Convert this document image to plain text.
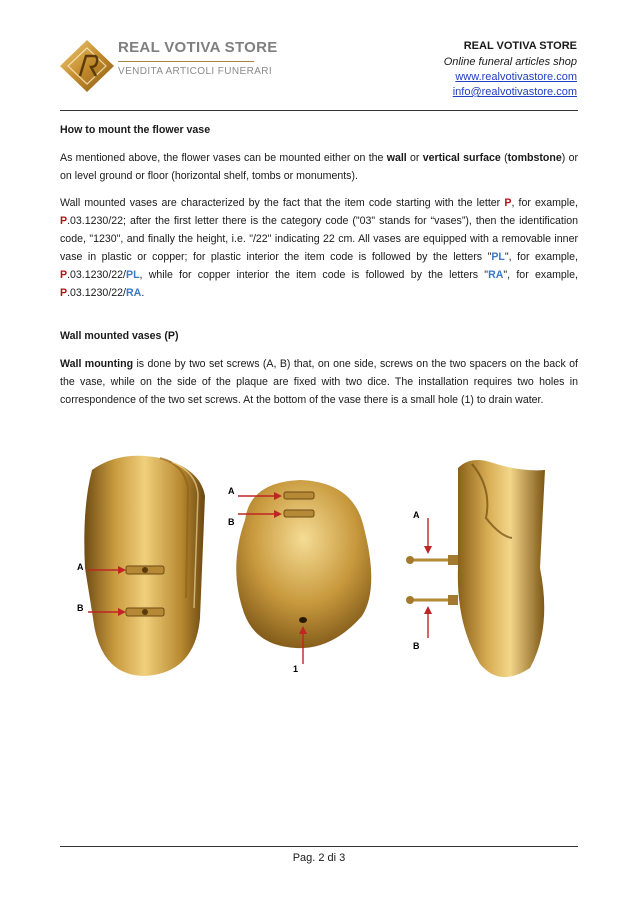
REAL VOTIVA STORE
VENDITA ARTICOLI FUNERARI
REAL VOTIVA STORE
Online funeral articles shop
www.realvotivastore.com
info@realvotivastore.com

How to mount the flower vase

As mentioned above, the flower vases can be mounted either on the wall or vertical surface (tombstone) or on level ground or floor (horizontal shelf, tombs or monuments).

Wall mounted vases are characterized by the fact that the item code starting with the letter P, for example, P.03.1230/22; after the first letter there is the category code ("03" stands for “vases”), then the identification code, "1230", and finally the height, i.e. "/22" indicating 22 cm. All vases are equipped with a removable inner vase in plastic or copper; for plastic interior the item code is followed by the letters "PL", for example, P.03.1230/22/PL, while for copper interior the item code is followed by the letters "RA", for example, P.03.1230/22/RA.

Wall mounted vases (P)

Wall mounting is done by two set screws (A, B) that, on one side, screws on the two spacers on the back of the vase, while on the side of the plaque are fixed with two dice. The installation requires two holes in correspondence of the two set screws. At the bottom of the vase there is a small hole (1) to drain water.

A
B
A
B
1
A
B
Pag. 2 di 3
